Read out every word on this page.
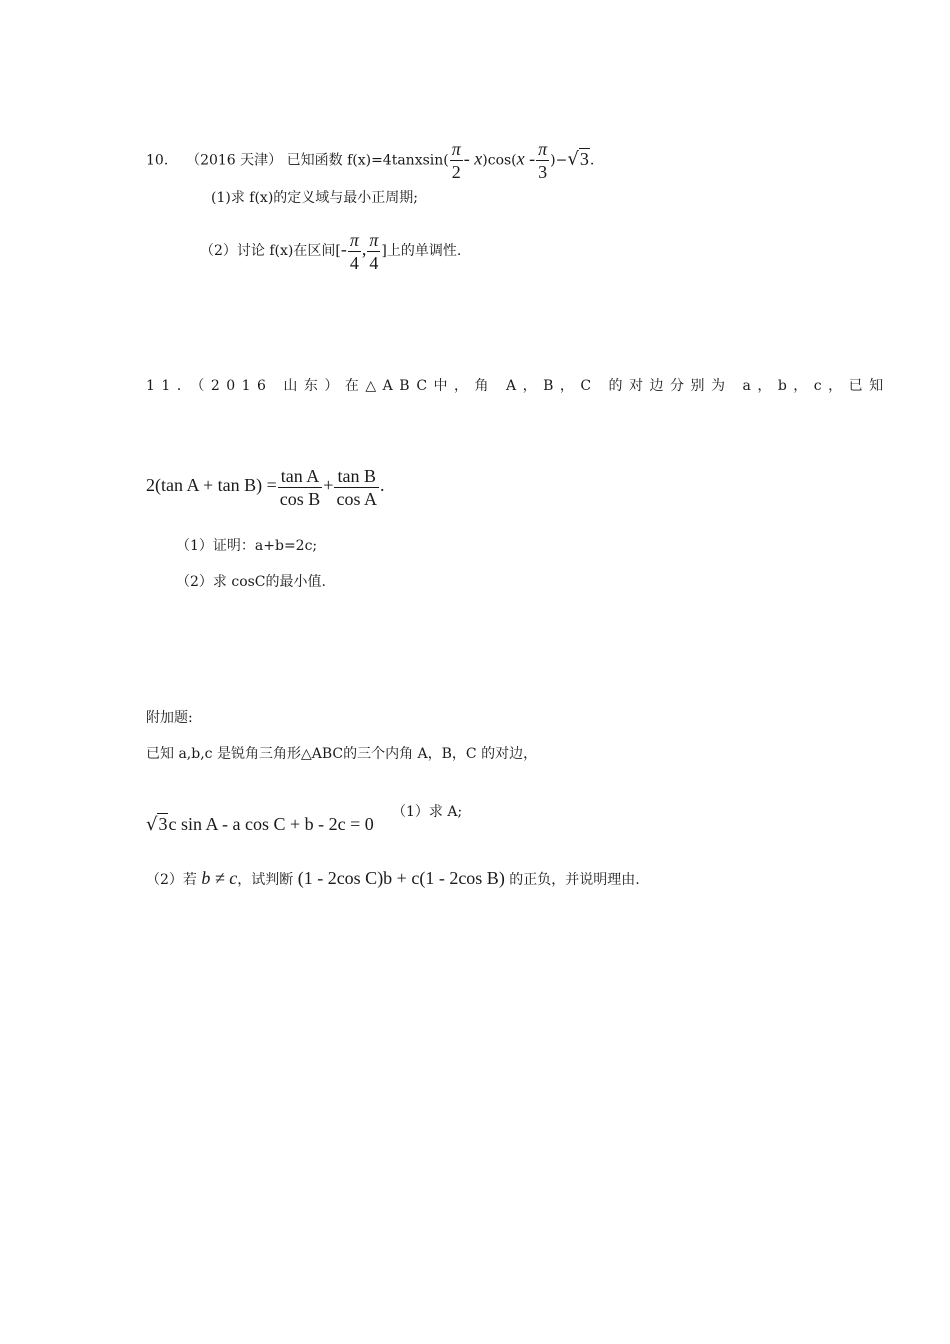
10. （2016 天津） 已知函数 f(x)=4tanxsin( $\frac{\pi}{2} - x)\cos(x - \frac{\pi}{3} )-√3$.
(1)求 f(x)的定义域与最小正周期;
（2）讨论 f(x)在区间[- $\frac{\pi}{4}$ , $\frac{\pi}{4}$ ]上的单调性.
11．（2016 山东）在△ABC中，角 A，B，C 的对边分别为 a，b，c，已知
2(tan $A + \tan B) = \frac{\text{tan A}}{\text{cos B}} + \frac{\text{tan B}}{\text{cos A}}$ .
（1）证明：a+b=2c;
（2）求 cosC的最小值.
附加题:
已知 a,b,c 是锐角三角形△ABC的三个内角 A，B，C 的对边，
√3c sin A - a cos C + b - 2c = 0
（1）求 A;
（2）若 b ≠ c，试判断 (1 - 2cos C)b + c(1 - 2cos B) 的正负，并说明理由.
